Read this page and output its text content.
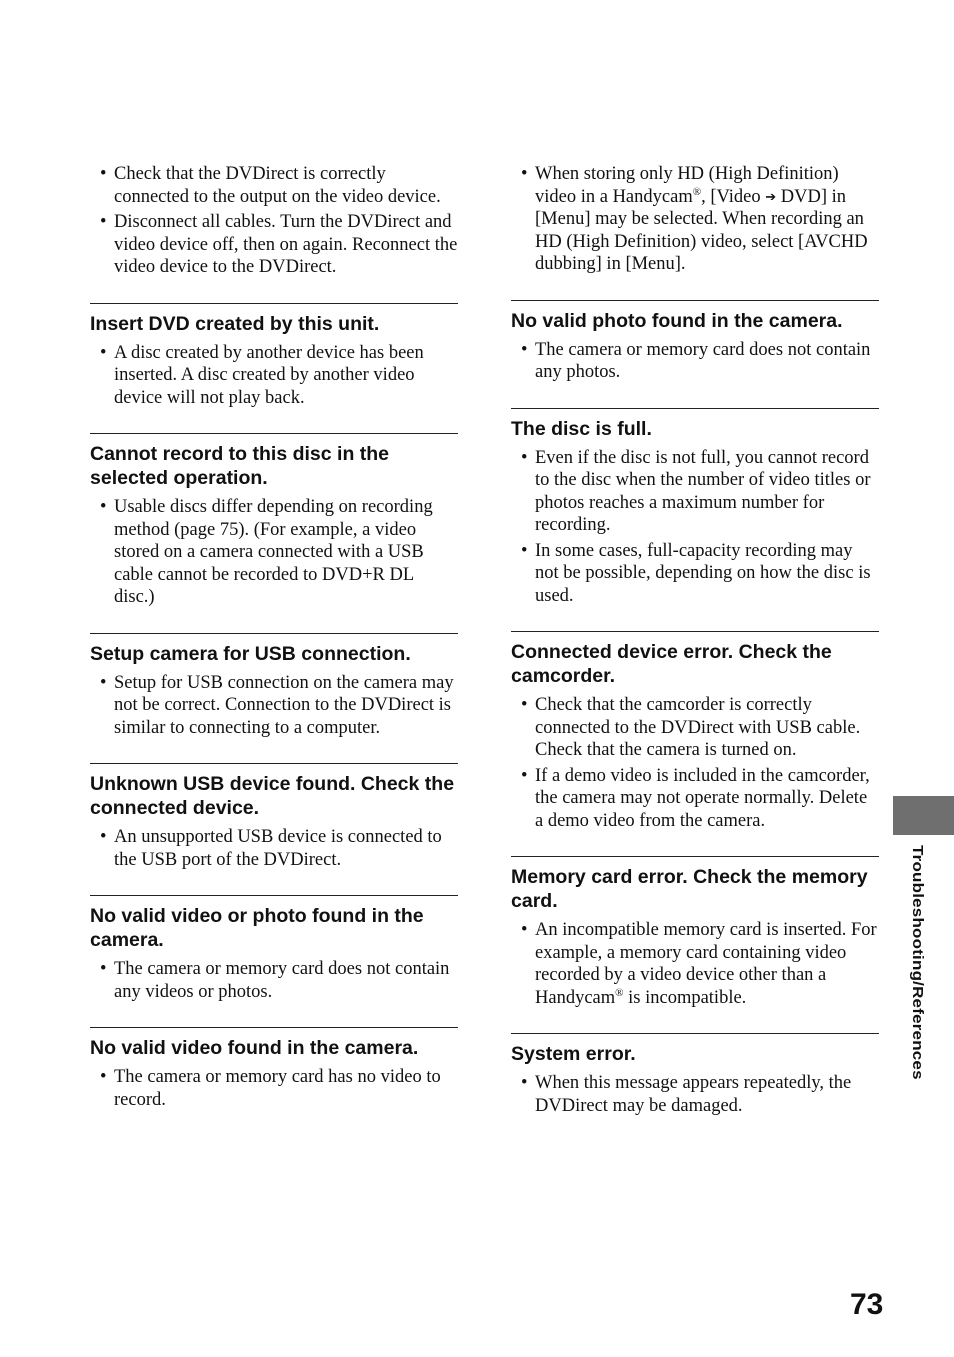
• Check that the DVDirect is correctly connected to the output on the video device.
• Disconnect all cables. Turn the DVDirect and video device off, then on again. Reconnect the video device to the DVDirect.
Insert DVD created by this unit.
• A disc created by another device has been inserted. A disc created by another video device will not play back.
Cannot record to this disc in the selected operation.
• Usable discs differ depending on recording method (page 75). (For example, a video stored on a camera connected with a USB cable cannot be recorded to DVD+R DL disc.)
Setup camera for USB connection.
• Setup for USB connection on the camera may not be correct. Connection to the DVDirect is similar to connecting to a computer.
Unknown USB device found. Check the connected device.
• An unsupported USB device is connected to the USB port of the DVDirect.
No valid video or photo found in the camera.
• The camera or memory card does not contain any videos or photos.
No valid video found in the camera.
• The camera or memory card has no video to record.
• When storing only HD (High Definition) video in a Handycam®, [Video ➔ DVD] in [Menu] may be selected. When recording an HD (High Definition) video, select [AVCHD dubbing] in [Menu].
No valid photo found in the camera.
• The camera or memory card does not contain any photos.
The disc is full.
• Even if the disc is not full, you cannot record to the disc when the number of video titles or photos reaches a maximum number for recording.
• In some cases, full-capacity recording may not be possible, depending on how the disc is used.
Connected device error. Check the camcorder.
• Check that the camcorder is correctly connected to the DVDirect with USB cable. Check that the camera is turned on.
• If a demo video is included in the camcorder, the camera may not operate normally. Delete a demo video from the camera.
Memory card error. Check the memory card.
• An incompatible memory card is inserted. For example, a memory card containing video recorded by a video device other than a Handycam® is incompatible.
System error.
• When this message appears repeatedly, the DVDirect may be damaged.
Troubleshooting/References
73
